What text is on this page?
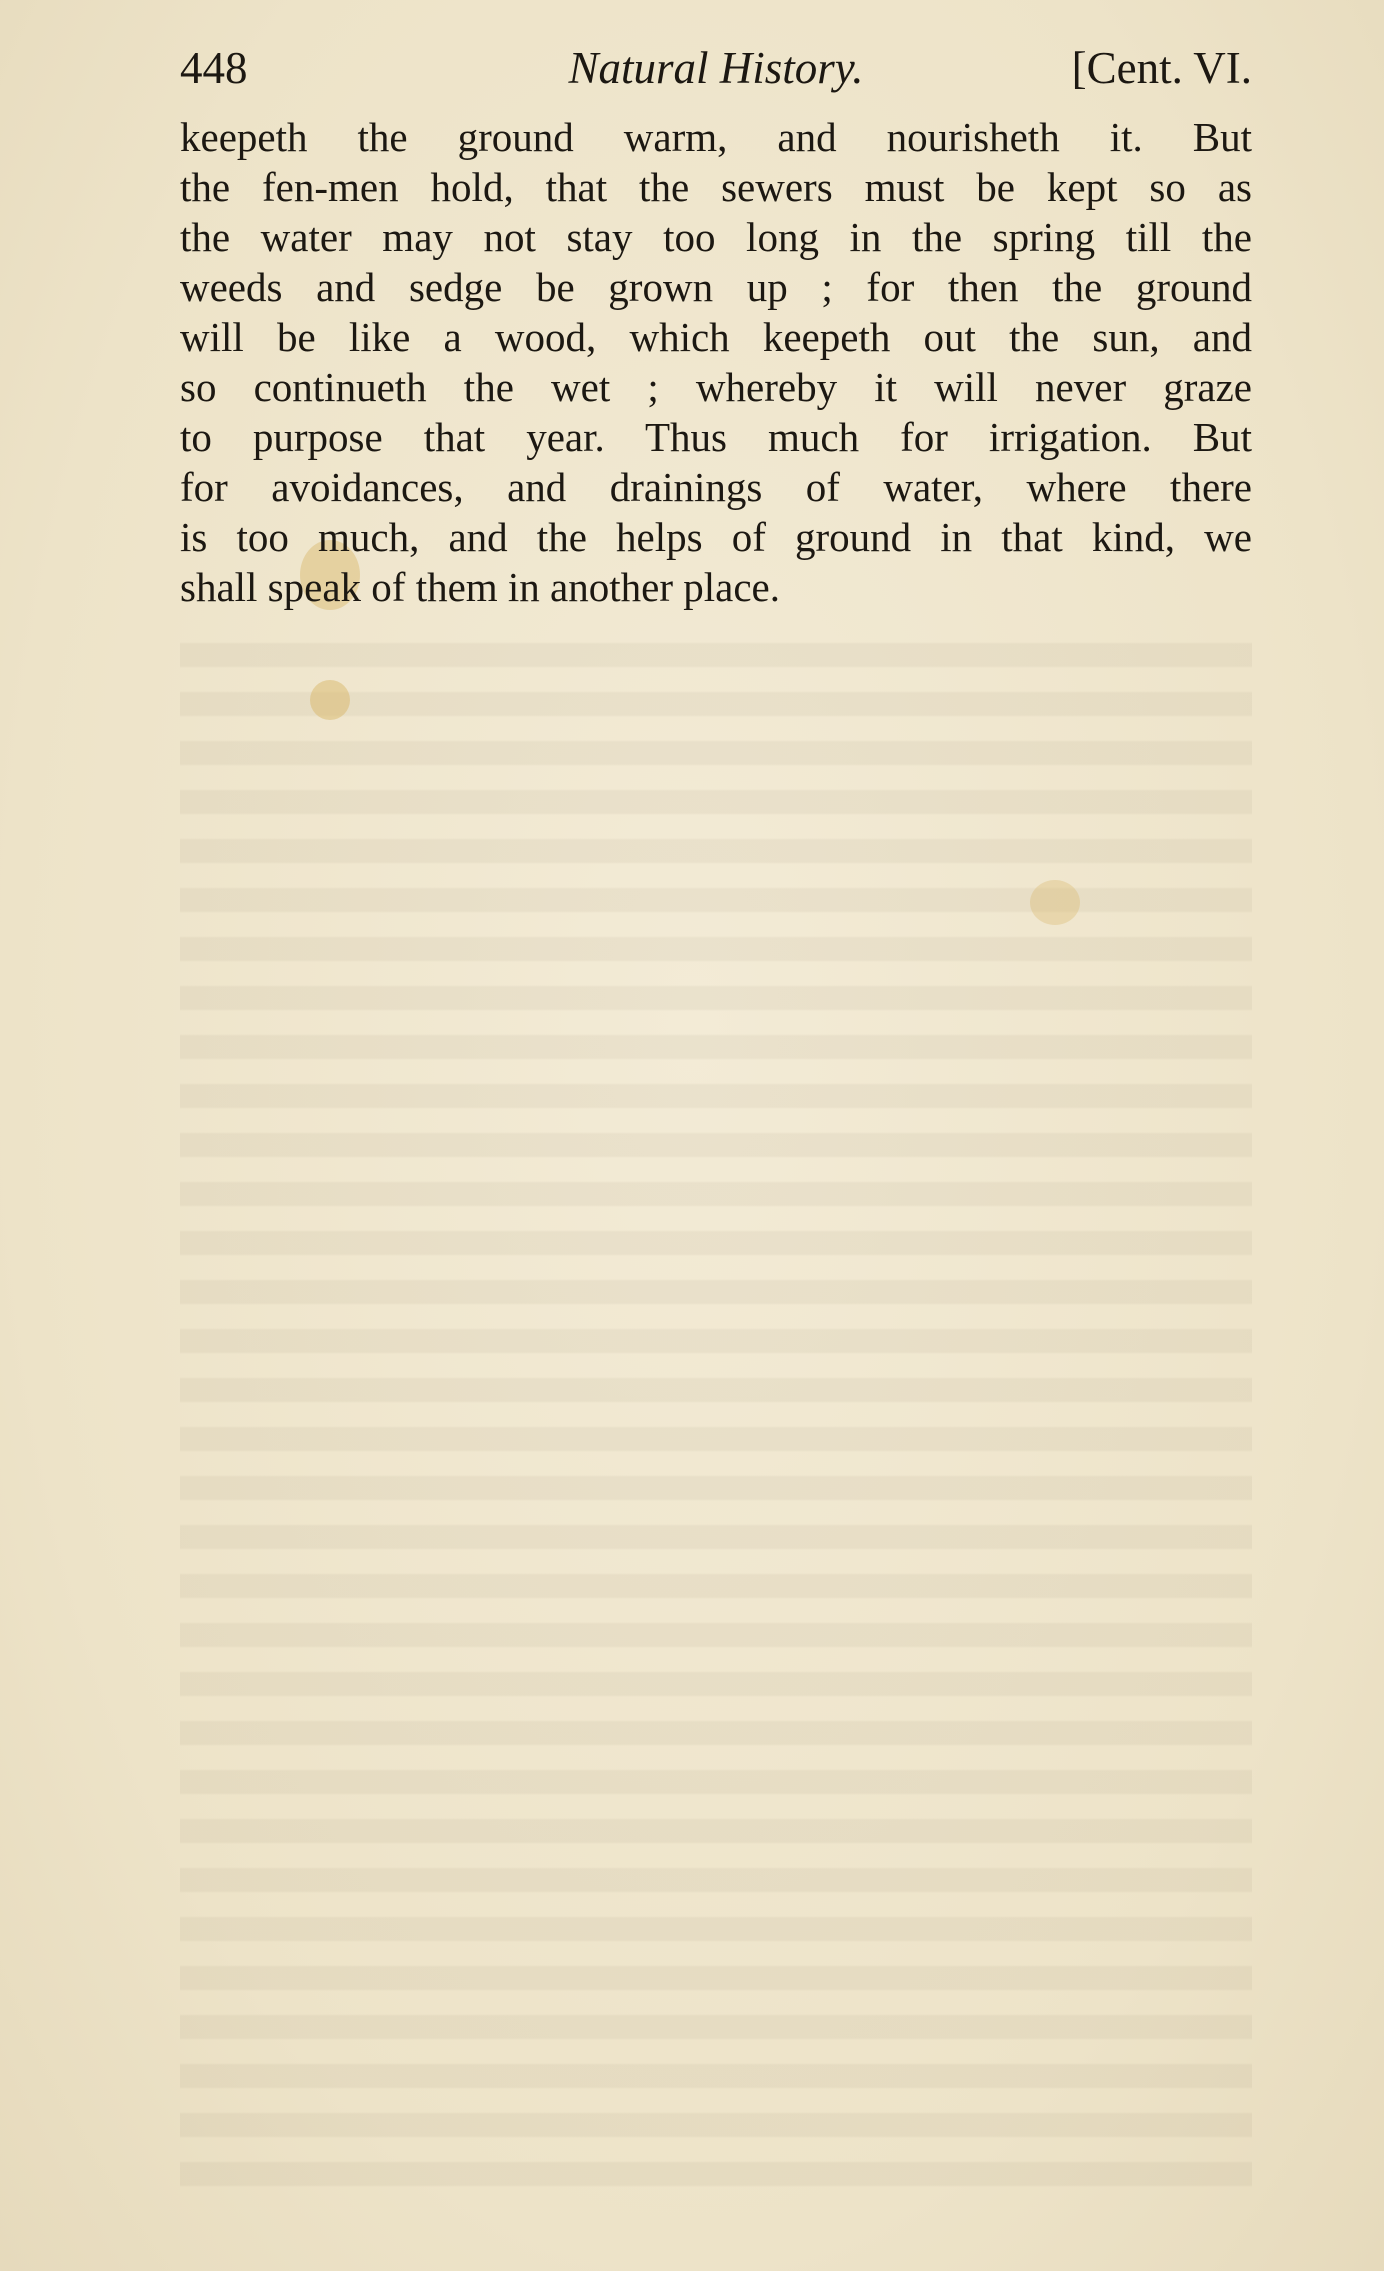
448	Natural History.	[Cent. VI.
keepeth the ground warm, and nourisheth it. But
the fen-men hold, that the sewers must be kept so as
the water may not stay too long in the spring till the
weeds and sedge be grown up ; for then the ground
will be like a wood, which keepeth out the sun, and
so continueth the wet ; whereby it will never graze
to purpose that year. Thus much for irrigation. But
for avoidances, and drainings of water, where there
is too much, and the helps of ground in that kind, we
shall speak of them in another place.
